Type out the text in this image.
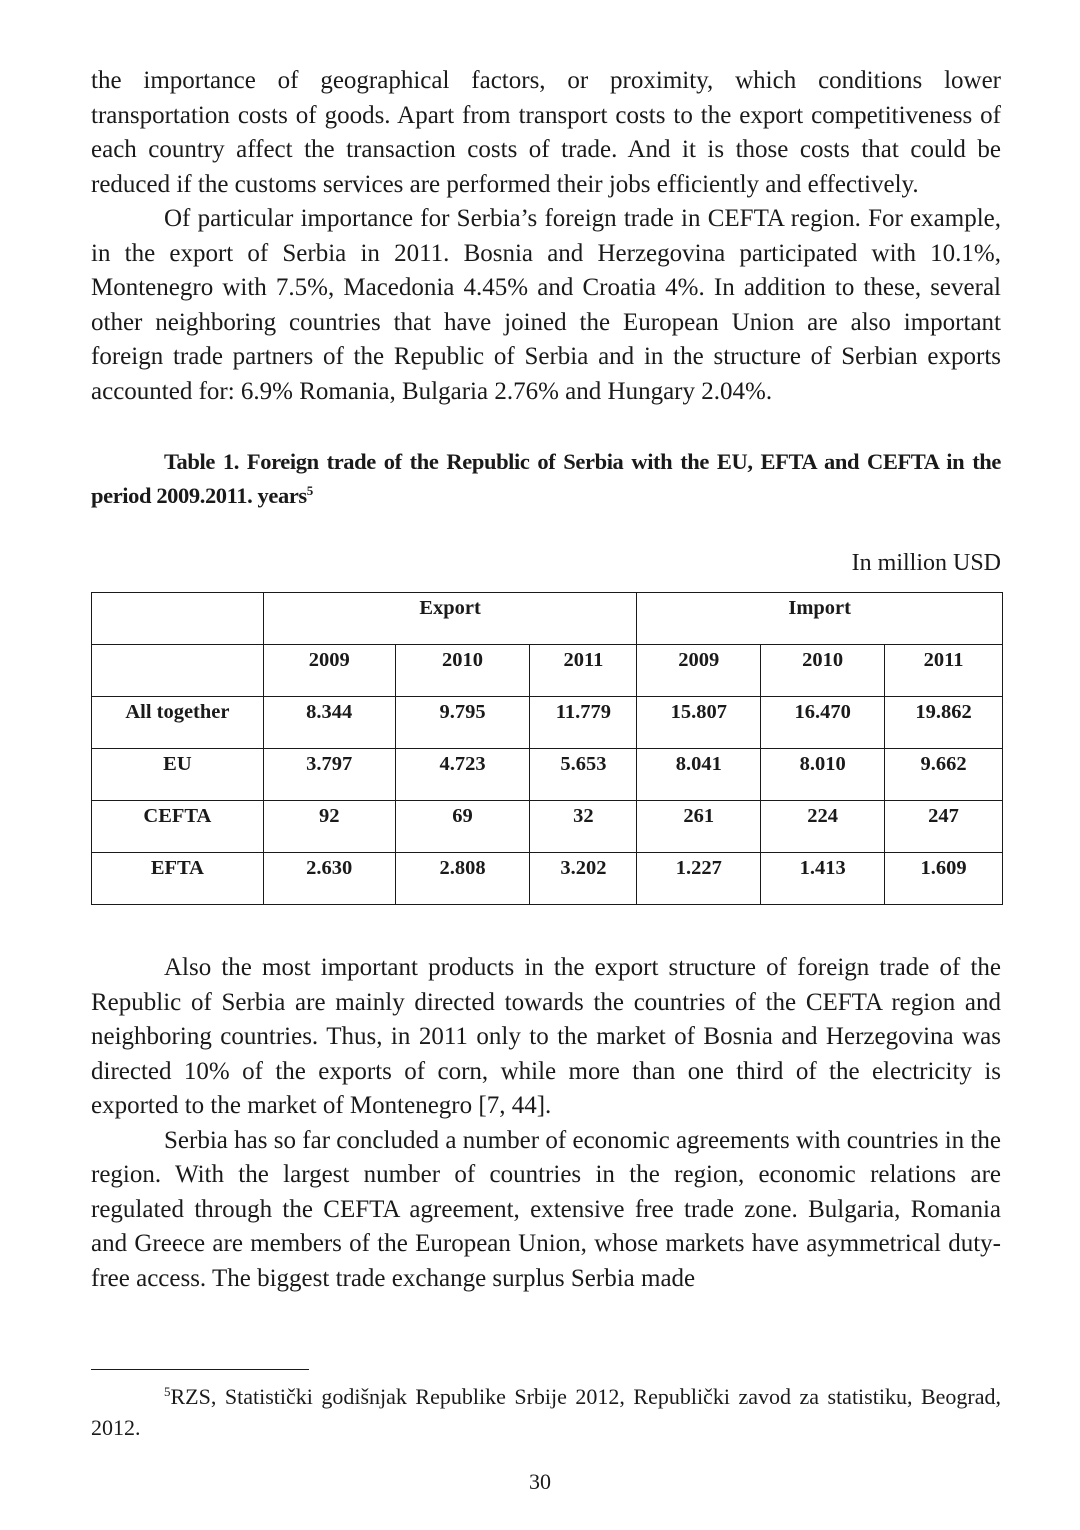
the importance of geographical factors, or proximity, which conditions lower transportation costs of goods. Apart from transport costs to the export competitiveness of each country affect the transaction costs of trade. And it is those costs that could be reduced if the customs services are performed their jobs efficiently and effectively.

Of particular importance for Serbia’s foreign trade in CEFTA region. For example, in the export of Serbia in 2011. Bosnia and Herzegovina participated with 10.1%, Montenegro with 7.5%, Macedonia 4.45% and Croatia 4%. In addition to these, several other neighboring countries that have joined the European Union are also important foreign trade partners of the Republic of Serbia and in the structure of Serbian exports accounted for: 6.9% Romania, Bulgaria 2.76% and Hungary 2.04%.

Table 1. Foreign trade of the Republic of Serbia with the EU, EFTA and CEFTA in the period 2009.2011. years$^5$

In million USD

	Export			Import		
	2009	2010	2011	2009	2010	2011
All together	8.344	9.795	11.779	15.807	16.470	19.862
EU	3.797	4.723	5.653	8.041	8.010	9.662
CEFTA	92	69	32	261	224	247
EFTA	2.630	2.808	3.202	1.227	1.413	1.609

Also the most important products in the export structure of foreign trade of the Republic of Serbia are mainly directed towards the countries of the CEFTA region and neighboring countries. Thus, in 2011 only to the market of Bosnia and Herzegovina was directed 10% of the exports of corn, while more than one third of the electricity is exported to the market of Montenegro [7, 44].

Serbia has so far concluded a number of economic agreements with countries in the region. With the largest number of countries in the region, economic relations are regulated through the CEFTA agreement, extensive free trade zone. Bulgaria, Romania and Greece are members of the European Union, whose markets have asymmetrical duty-free access. The biggest trade exchange surplus Serbia made

$^5$RZS, Statistički godišnjak Republike Srbije 2012, Republički zavod za statistiku, Beograd, 2012.

30
